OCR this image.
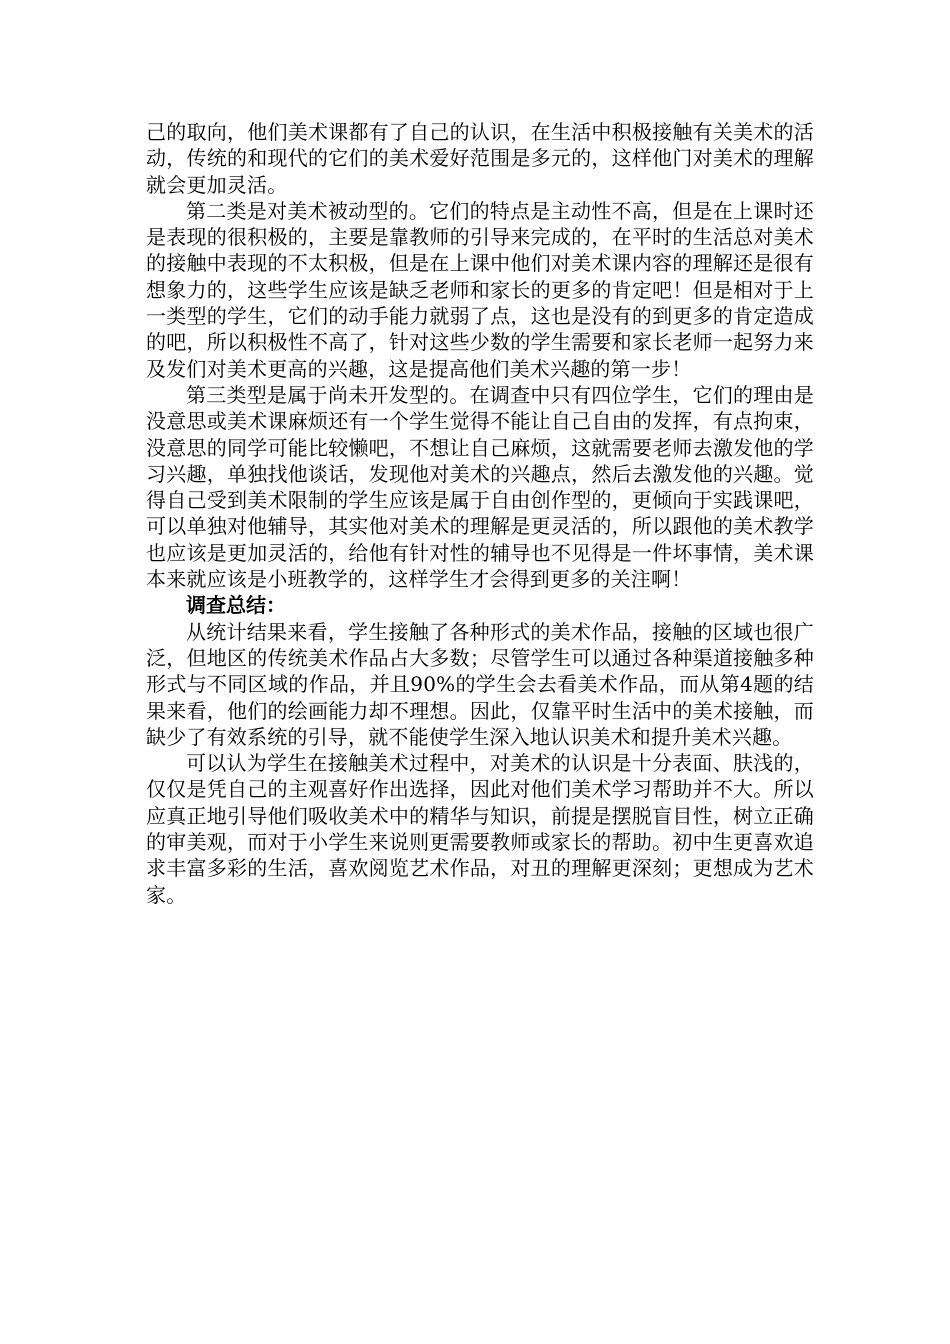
己的取向，他们美术课都有了自己的认识，在生活中积极接触有关美术的活动，传统的和现代的它们的美术爱好范围是多元的，这样他门对美术的理解就会更加灵活。

第二类是对美术被动型的。它们的特点是主动性不高，但是在上课时还是表现的很积极的，主要是靠教师的引导来完成的，在平时的生活总对美术的接触中表现的不太积极，但是在上课中他们对美术课内容的理解还是很有想象力的，这些学生应该是缺乏老师和家长的更多的肯定吧！但是相对于上一类型的学生，它们的动手能力就弱了点，这也是没有的到更多的肯定造成的吧，所以积极性不高了，针对这些少数的学生需要和家长老师一起努力来及发们对美术更高的兴趣，这是提高他们美术兴趣的第一步！

第三类型是属于尚未开发型的。在调查中只有四位学生，它们的理由是没意思或美术课麻烦还有一个学生觉得不能让自己自由的发挥，有点拘束，没意思的同学可能比较懒吧，不想让自己麻烦，这就需要老师去激发他的学习兴趣，单独找他谈话，发现他对美术的兴趣点，然后去激发他的兴趣。觉得自己受到美术限制的学生应该是属于自由创作型的，更倾向于实践课吧，可以单独对他辅导，其实他对美术的理解是更灵活的，所以跟他的美术教学也应该是更加灵活的，给他有针对性的辅导也不见得是一件坏事情，美术课本来就应该是小班教学的，这样学生才会得到更多的关注啊！

调查总结：

从统计结果来看，学生接触了各种形式的美术作品，接触的区域也很广泛，但地区的传统美术作品占大多数；尽管学生可以通过各种渠道接触多种形式与不同区域的作品，并且90%的学生会去看美术作品，而从第4题的结果来看，他们的绘画能力却不理想。因此，仅靠平时生活中的美术接触，而缺少了有效系统的引导，就不能使学生深入地认识美术和提升美术兴趣。

可以认为学生在接触美术过程中，对美术的认识是十分表面、肤浅的，仅仅是凭自己的主观喜好作出选择，因此对他们美术学习帮助并不大。所以应真正地引导他们吸收美术中的精华与知识，前提是摆脱盲目性，树立正确的审美观，而对于小学生来说则更需要教师或家长的帮助。初中生更喜欢追求丰富多彩的生活，喜欢阅览艺术作品，对丑的理解更深刻；更想成为艺术家。
